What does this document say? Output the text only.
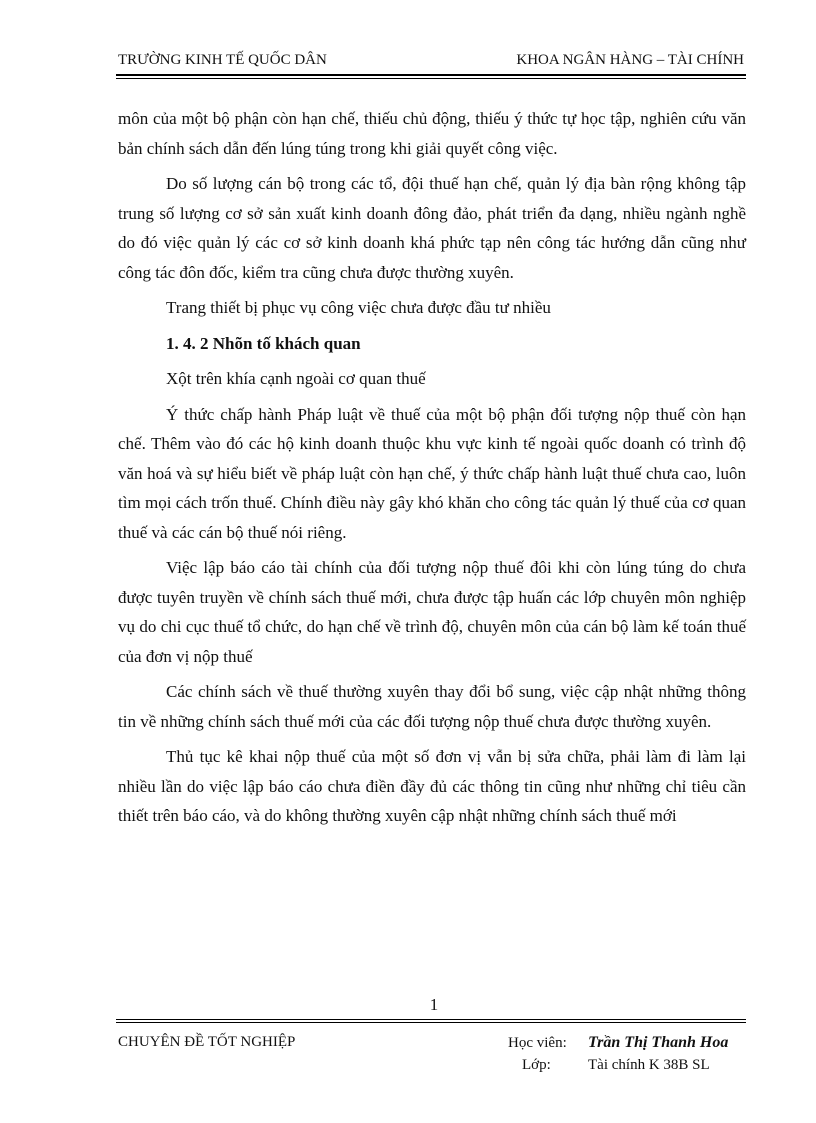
TRƯỜNG KINH TẾ QUỐC DÂN	KHOA NGÂN HÀNG – TÀI CHÍNH

môn của một bộ phận còn hạn chế, thiếu chủ động, thiếu ý thức tự học tập, nghiên cứu văn bản chính sách dẫn đến lúng túng trong khi giải quyết công việc.

Do số lượng cán bộ trong các tổ, đội thuế hạn chế, quản lý địa bàn rộng không tập trung số lượng cơ sở sản xuất kinh doanh đông đảo, phát triển đa dạng, nhiều ngành nghề do đó việc quản lý các cơ sở kinh doanh khá phức tạp nên công tác hướng dẫn cũng như công tác đôn đốc, kiểm tra cũng chưa được thường xuyên.

Trang thiết bị phục vụ công việc chưa được đầu tư nhiều

1. 4. 2 Nhõn tố khách quan

Xột trên khía cạnh ngoài cơ quan thuế

Ý thức chấp hành Pháp luật về thuế của một bộ phận đối tượng nộp thuế còn hạn chế. Thêm vào đó các hộ kinh doanh thuộc khu vực kinh tế ngoài quốc doanh có trình độ văn hoá và sự hiểu biết về pháp luật còn hạn chế, ý thức chấp hành luật thuế chưa cao, luôn tìm mọi cách trốn thuế. Chính điều này gây khó khăn cho công tác quản lý thuế của cơ quan thuế và các cán bộ thuế nói riêng.

Việc lập báo cáo tài chính của đối tượng nộp thuế đôi khi còn lúng túng do chưa được tuyên truyền về chính sách thuế mới, chưa được tập huấn các lớp chuyên môn nghiệp vụ do chi cục thuế tổ chức, do hạn chế về trình độ, chuyên môn của cán bộ làm kế toán thuế của đơn vị nộp thuế

Các chính sách về thuế thường xuyên thay đổi bổ sung, việc cập nhật những thông tin về những chính sách thuế mới của các đối tượng nộp thuế chưa được thường xuyên.

Thủ tục kê khai nộp thuế của một số đơn vị vẫn bị sửa chữa, phải làm đi làm lại nhiều lần do việc lập báo cáo chưa điền đầy đủ các thông tin cũng như những chỉ tiêu cần thiết trên báo cáo, và do không thường xuyên cập nhật những chính sách thuế mới

1
CHUYÊN ĐỀ TỐT NGHIỆP	Học viên: Trần Thị Thanh Hoa
Lớp: Tài chính K 38B SL
